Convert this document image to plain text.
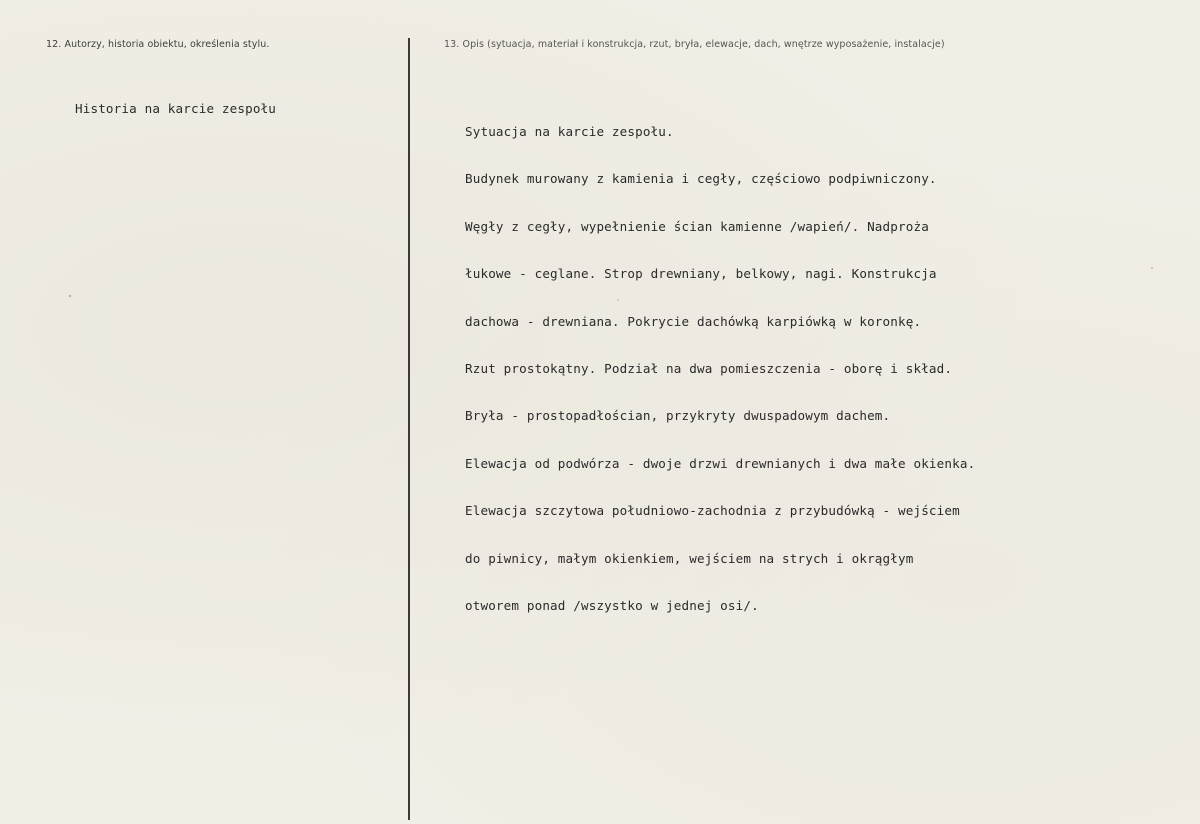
12. Autorzy, historia obiektu, określenia stylu.	13. Opis (sytuacja, materiał i konstrukcja, rzut, bryła, elewacje, dach, wnętrze wyposażenie, instalacje)
Historia na karcie zespołu

Sytuacja na karcie zespołu.

Budynek murowany z kamienia i cegły, częściowo podpiwniczony.

Węgły z cegły, wypełnienie ścian kamienne /wapień/. Nadproża

łukowe - ceglane. Strop drewniany, belkowy, nagi. Konstrukcja

dachowa - drewniana. Pokrycie dachówką karpiówką w koronkę.

Rzut prostokątny. Podział na dwa pomieszczenia - oborę i skład.

Bryła - prostopadłościan, przykryty dwuspadowym dachem.

Elewacja od podwórza - dwoje drzwi drewnianych i dwa małe okienka.

Elewacja szczytowa południowo-zachodnia z przybudówką - wejściem

do piwnicy, małym okienkiem, wejściem na strych i okrągłym

otworem ponad /wszystko w jednej osi/.
